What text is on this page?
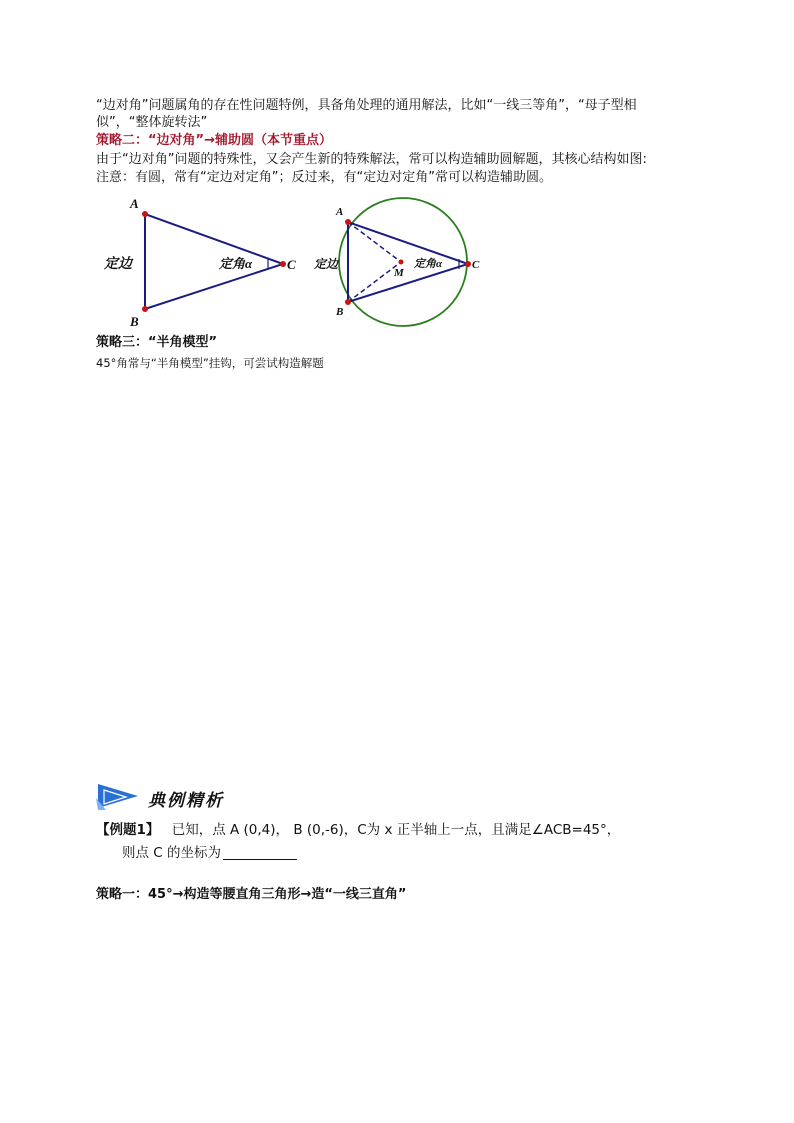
“边对角”问题属角的存在性问题特例，具备角处理的通用解法，比如“一线三等角”，“母子型相
似”，“整体旋转法”
策略二：“边对角”→辅助圆（本节重点）
由于“边对角”问题的特殊性，又会产生新的特殊解法，常可以构造辅助圆解题，其核心结构如图:
注意：有圆，常有“定边对定角”；反过来，有“定边对定角”常可以构造辅助圆。
A
B
C
定边	定角α
A
B
C
M
定边	定角α
策略三：“半角模型”
45°角常与“半角模型”挂钩，可尝试构造解题
典例精析
【例题1】 已知，点 A (0,4)， B (0,-6)，C为 x 正半轴上一点，且满足∠ACB=45°，
则点 C 的坐标为
策略一：45°→构造等腰直角三角形→造“一线三直角”
